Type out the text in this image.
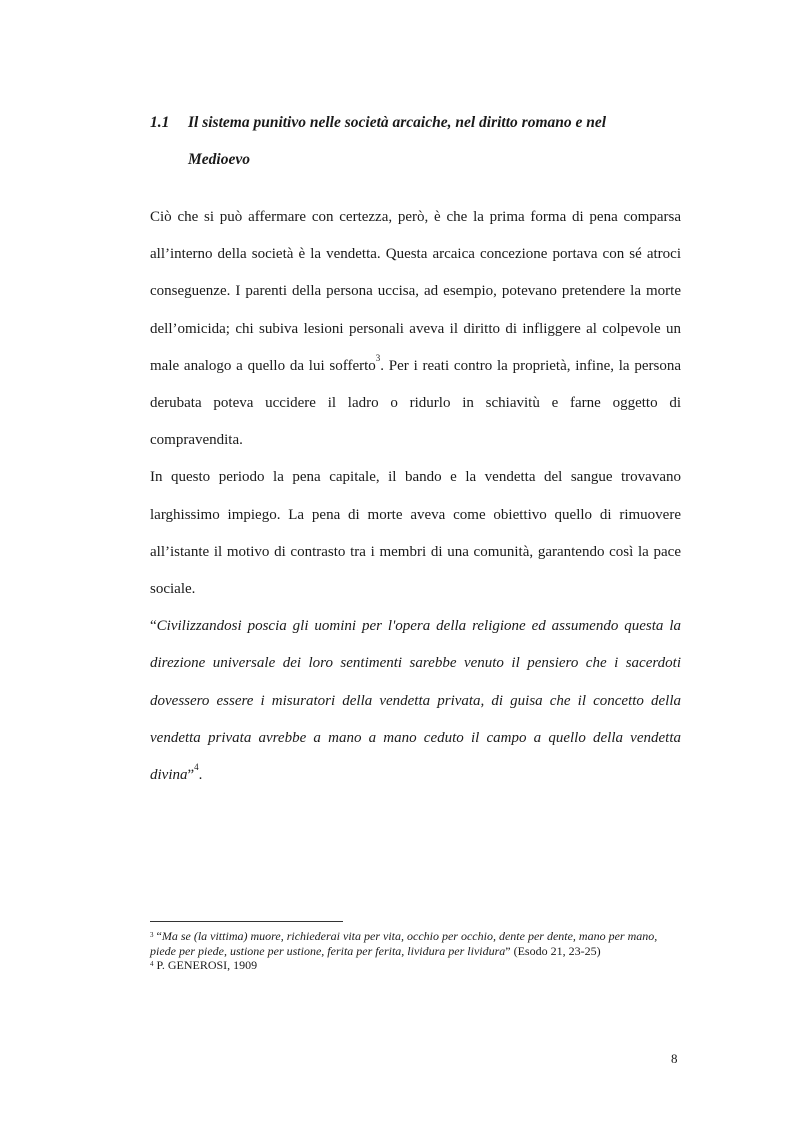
1.1 Il sistema punitivo nelle società arcaiche, nel diritto romano e nel
Medioevo

Ciò che si può affermare con certezza, però, è che la prima forma di pena comparsa all’interno della società è la vendetta. Questa arcaica concezione portava con sé atroci conseguenze. I parenti della persona uccisa, ad esempio, potevano pretendere la morte dell’omicida; chi subiva lesioni personali aveva il diritto di infliggere al colpevole un male analogo a quello da lui sofferto$^3$. Per i reati contro la proprietà, infine, la persona derubata poteva uccidere il ladro o ridurlo in schiavitù e farne oggetto di compravendita.

In questo periodo la pena capitale, il bando e la vendetta del sangue trovavano larghissimo impiego. La pena di morte aveva come obiettivo quello di rimuovere all’istante il motivo di contrasto tra i membri di una comunità, garantendo così la pace sociale.

“Civilizzandosi poscia gli uomini per l'opera della religione ed assumendo questa la direzione universale dei loro sentimenti sarebbe venuto il pensiero che i sacerdoti dovessero essere i misuratori della vendetta privata, di guisa che il concetto della vendetta privata avrebbe a mano a mano ceduto il campo a quello della vendetta divina”$^4$.

$^3$ “Ma se (la vittima) muore, richiederai vita per vita, occhio per occhio, dente per dente, mano per mano, piede per piede, ustione per ustione, ferita per ferita, lividura per lividura” (Esodo 21, 23-25)

$^4$ P. GENEROSI, 1909

8
